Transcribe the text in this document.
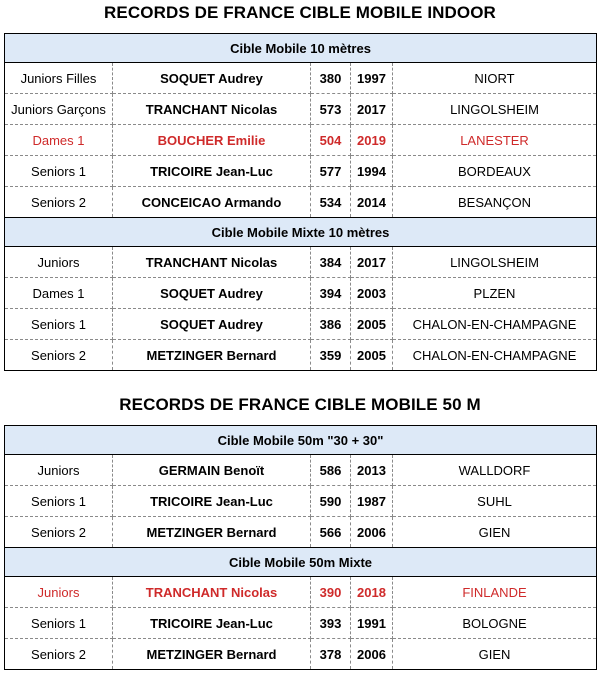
RECORDS DE FRANCE CIBLE MOBILE INDOOR
Cible Mobile 10 mètres				
Juniors Filles	SOQUET Audrey	380	1997	NIORT
Juniors Garçons	TRANCHANT Nicolas	573	2017	LINGOLSHEIM
Dames 1	BOUCHER Emilie	504	2019	LANESTER
Seniors 1	TRICOIRE Jean-Luc	577	1994	BORDEAUX
Seniors 2	CONCEICAO Armando	534	2014	BESANÇON
Cible Mobile Mixte 10 mètres				
Juniors	TRANCHANT Nicolas	384	2017	LINGOLSHEIM
Dames 1	SOQUET Audrey	394	2003	PLZEN
Seniors 1	SOQUET Audrey	386	2005	CHALON-EN-CHAMPAGNE
Seniors 2	METZINGER Bernard	359	2005	CHALON-EN-CHAMPAGNE
RECORDS DE FRANCE CIBLE MOBILE 50 M
Cible Mobile 50m "30 + 30"				
Juniors	GERMAIN Benoït	586	2013	WALLDORF
Seniors 1	TRICOIRE Jean-Luc	590	1987	SUHL
Seniors 2	METZINGER Bernard	566	2006	GIEN
Cible Mobile 50m Mixte				
Juniors	TRANCHANT Nicolas	390	2018	FINLANDE
Seniors 1	TRICOIRE Jean-Luc	393	1991	BOLOGNE
Seniors 2	METZINGER Bernard	378	2006	GIEN
